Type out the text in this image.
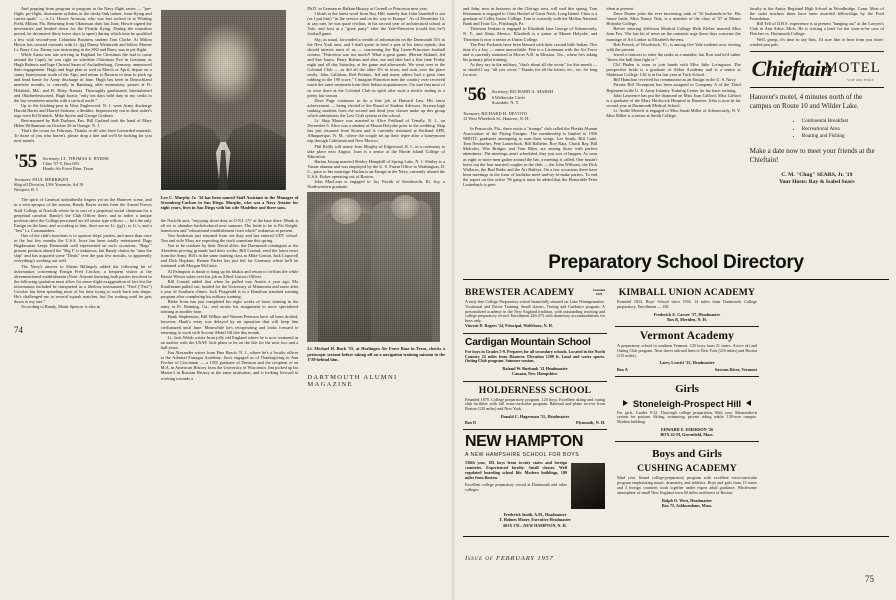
And popping from program to program in the Navy flight series — "pre-flight, pri-flight, instrument syllabus in the stinky-link trainer, form-flying and carrier-quals" — is Lt. Howie Aronson, who was last socked in at Whiting Field, Milton, Fla. Returning from Okinawan duty last June, Howie signed the necessaries and headed down for the Florida flying. During the transition period, he decimated thirty leave days (a spree) during which time he qualified a few with second-year Columbia Business student Tom Clarke. At Milton Howie has crossed contrails with Lt. (jg) Danny Weintraub and fellow Marine Lt. Barry Cox. Danny was instructing in the SNJ and Barry was in pri-flight.

While Santa was late arriving in England for Christmas (he had to come around the Cape), he was right on schedule Christmas Eve in Germany as Hugh Roberts and Inge Christal Sauer of Aschaffenburg, Germany, announced their engagement. Hugh and Inge plan to wed in March or April, depart on a sunny honeymoon south of the Alps, and return to Bavaria in time to pack up and head home for Army discharge in June. Hugh has been in Deutschland nineteen months, is currently in Bamburg after momentary pauses at Ft. Holabird, Md., and Ft. Riley, Kansas. Thoroughly gasthaused, bierstubened and Oktoberfestooned, Hugh boasts "only ten days held duty to my credit in the last seventeen months with a tactical outfit."

Up to the hitching-post in West Englewood, N. J. went Army discharge Harold Harris and Harriet Sarbone, a Smithie. Impressively out in their usher's togs were Ed Winnick, Mike Spicer and George Graborn.

Best-manned by Bob Durham, Ens. Bill Garland took the hand of Mary Helen Williamson on October 26 in Orange, N. J.

That's the count for February. Thanks to all who have forwarded material. To those of you who haven't, please drop a line and we'll be looking for you next month.

'55 Secretary, LT. THOMAS E. BYRNE
Class '57-T, Box 693
Hondo Air Force Base, Texas
Treasurer, PAUL MERRIKEN
Ship off Division, USS Yosemite, Ad 19
Newport, R. I.

The spirit of Carnival undoubtedly lingers yet on the Hanover scene, and in a vein apropos of the season, Randy Hayes writes from the Armed Forces Staff College at Norfolk where he is sort of a perpetual social chairman for a perpetual carnival. Randy's the Club Officer there, and in rather a unique position since the College personnel are all senior type officers — he's the only Ensign on the base, and according to him, there are no Lt. (jg)'s, or Lt.'s, and a "few" Lt. Commanders.

One of the club's functions is to sponsor ships' parties, and more than once in the last few months the U.S.S. Iowa has been totally entertained. Bags Bagdasarian keeps Dartmouth well represented on such occasions. "Bags'" present position aboard the "Big I" is unknown, but Randy claims he "runs the ship" and has acquired some "Deals" over the past few months, so apparently everything's working out well.

The Navy's answer to Sherm Billingsly added the following bit of information concerning Ensign Fred Crocker, a frequent visitor at the aforementioned establishment (Note: Anyone knowing both parties involved in the following quotation must allow for some slight exaggeration of fact lest the information included be interpreted as a libelous insinuation): "Fred ("Fats") Crocker has been spending most of his time trying to work back into shape. He's challenged me to several squash matches, but I'm waiting until he gets down to my size."

According to Randy, Monk Spencer is also in

74
Leo C. Murphy Jr. '34 has been named Staff Assistant to the Manager of Stromberg-Carlson in San Diego. Murphy, who was a Navy Aviator for eight years, lives in San Diego with his wife Madeline and three sons.

the Norfolk area, "enjoying shore duty in O.N.I. (?)" at the base there. Monk is all set to abandon bachelorhood next summer. The bride to be is Pat Knight, hometown and "educational establishment from which" unknown at present.

Tim Anderson just returned from sea duty and has entered UDT school. Tim and wife Mary are expecting the stork sometime this spring.

Not to be outdone by their Naval allies, the Dartmouth contingent at the Aberdeen proving grounds had their scribe, Bill Conrad, send the latest news from the Army. Bill's in the same training class as Mike Gorton, Jack Cogswell and Dick Hopkins. Bennie Parker has just left for Germany where he'll be stationed with Morgan McGuire.

Al Palmquist is about to hang up his khakis and return to civilian life while Howie Wieser takes over his job as Allied Liaison Officer.

Bill Conrad added that when he pulled into Austin a year ago, Mo Kauffmann pulled out; headed for the University of Minnesota and snow after a year of Southern climes. Jack Fitzgerald is in a Hamilton standard training program after completing his military training.

Blake Irons has just completed his eight weeks of basic training in the army at Ft. Benning, Ga., and awaits his assignment to more specialized training at another base.

Hank Stephenson, Bill Wilbur and Warren Peterson have all been drafted, however. Hank's entry was delayed by an operation that will keep him civilianized until June. Meanwhile he's recuperating and looks forward to returning to work with Socony Mobil Oil late this month.

Lt. Jack Welsh writes from jolly old England where he is now stationed as an auditor with the USAF. Jack plans to be on the Isle for the next two and a half years.

Jim Alexander writes from Pine Beach, N. J., where he's a faculty officer at the Admiral Farragut Academy. Jim's engaged as of Thanksgiving to Ann Fischer of Cincinnati — a 1955 graduate of Denison and the recipient of an M.A. in American History from the University of Wisconsin. Jim picked up his Master's in Russian History at the same institution, and is looking forward to working towards a

Ph.D. in German or Balkan History at Cornell or Princeton next year.

I blush at the latest word from Roy Hill, namely that John Stonehill is not (as I put him) "in the service and on his way to Europe." As of December 12, at any rate, he was quite civilian, in his second year of architectural school at Yale, and host at a "great party" after the Yale-Princeton (could this be?) football game.

Sky, as usual, forwarded a wealth of information on the Dartmouth 55's in the New York area, and I shall quote in brief a part of his latest epistle, that should interest most of us — concerning the Big Green-Princeton football contest, "Princeton was too much!! What a great game. (Bernie Siskind, Jed and Sue Isaacs, Barry Rubins and date, me and date had a fine time Friday night and all day Saturday, at the game and afterwards. We went over to the Colonial Club — as did all the other D's in town, and took over the place easily. John Callahan, Red Perkins, Jed and many others had a great time rubbing in the 190 score." I imagine Princeton men the country over received much the same treatment from their Indian acquaintances. I'm sure that most of us were there at the Colonial Club in spirit after such a terrific ending to a pretty fair season.

Dave Page continues to do a fine job at Harvard Law. His latest achievement — being elected to the Board of Student Advisors. Sixteen high ranking students from the second and third year classes make up this group which administers the Law Club system at the school.

Lt. Skip Moore was married to Alice Fridlund of Tenafly, N. J., on December 6. Alice was a student at Mount Holyoke prior to the wedding. Skip has just returned from Korea and is currently stationed at Kirtland AFB, Albuquerque, N. M., where the couple set up their tepee after a honeymoon trip through California and New Mexico.

Phil Reilly will marry Joan Murphy of Edgewood, R. I., in a ceremony to take place next August. Joan is a senior at the Rhode Island College of Education.

Harlan Jessup married Shirley Hemphill of Spring Lake, N. J. Shirley is a Vassar alumna and was employed by the U. S. Patent Office in Washington, D. C., prior to her marriage. Harlan is an Ensign in the Navy, currently aboard the U.S.S. Fisker operating out of Boston.

John MacLean is engaged to Joy Paviik of Kenilworth, Ill. Joy, a Northwestern graduate,

Lt. Michael H. Buck '55, at Harlingen Air Force Base in Texas, checks a periscopic sextant before taking off on a navigation training mission in the T-29 behind him.
DARTMOUTH ALUMNI MAGAZINE

and John, now in business in the Chicago area, will wed this spring. Tom Kinnamon is engaged to Chris Huchel of Great Neck, Long Island. Chris is a graduate of Colby Junior College. Tom is currently with the Mellon National Bank and Trust Co., Pittsburgh, Pa.

Thornton Jenkins is engaged to Elizabeth Jane George of Schenectady, N. Y., and Alma, Mexico. Elizabeth is a junior at Mount Holyoke, and Thornton is now a senior at Union College.

The Pete Packards have been blessed with their second little Indian. This time it's a boy — name unavailable. Pete is a Lieutenant with the Air Force and is currently stationed at Moore A.B. in Mission, Tex., where he's taking his primary pilot training.

As they say in the military, "that's about all she wrote" for this month — or should I say "all you wrote." Thanks for all the letters, etc., etc. So long for now.

'56 Secretary, RICHARD A. MARSH
6 Walbrooke Circle
Scarsdale, N. Y.
Treasurer, RICHARD H. DEVOTO
12 West Wheelock St., Hanover, N. H.

In Pensacola, Fla., there exists a "strange" club called the Florida Alumni Association of the Flying Ensigns. The membership is limited to 1956 NROTC graduates attempting to earn their wings. Lee Smith, Bill Crate, Tom Neubacher, Pete Lauterbach, Bill Balliette, Rov Raja, Chuck Ray, Bill Malcolm, Win Bridges and Tom Riker are among those with perfect attendance. The meetings aren't scheduled, they just sort of happen. As soon as eight or more men gather around the bar, a meeting is called. One mustn't leave out the four married couples in the club — the John Willsons, the Dick Wallaces, the Bud Roths and the Art Baileys. On a few occasions there have been meetings in the form of bachelor meet-and-try-to-make parties. To end the report on this active '56 gang it must be added that the Honorable Peter Lauterbach is pres-

ident at present.

Dave Duane joins the ever increasing rank of '56 husbands-to-be. His future bride, Miss Nancy Tink, is a member of the class of '57 at Mount Holyoke College.

Before entering Jefferson Medical College Herb Kleber married Miss Joan Fox. The last bit of news on the romantic urge these days concerns the marriage of Art Lonker to Elizabeth Stevens.

Bob French, of Woodstock, Vt., is among five Yale students now serving with the present

ferred a contract to enter the ranks as a matador, but Ron said he'd rather "throw the bull than fight it."

Clif Phalen is soon to join hands with Miss Julie Livingston. The prospective bride is a graduate of Abbot Academy and is a senior at Skidmore College. Clif is in his last year at Tuck School.

Bill Hamilton received his commission as an Ensign in the U. S. Navy.

Private Bill Thompson has been assigned to Company A of the Third Regiment in the U. S. Army Infantry Training Center for his basic training.

John Lawrence has put the diamond on Miss Joan Gifford. Miss Gifford is a graduate of the Mary Hitchcock Hospital in Hanover. John is now in his second year at Dartmouth Medical School.

Lt. Andie Mertels is engaged to Miss Sarah Miller of Schenectady, N. Y. Miss Miller is a senior at Smith College.

faculty at the Amity Regional High School in Woodbridge, Conn. Most of the cadet teachers there have been awarded fellowships by the Ford Foundation.

Bill Tell of D.B.S. experience is at present "hanging out" at the Lawyer's Club in Ann Arbor, Mich. He is writing a brief for the soon-to-be case of Fletcher vs. Dartmouth College.

Well, group, it's time to say finis. I'd sure like to hear from you short-winded pen pals.

Chieftain
MOTEL
STOP AND ENJOY
Hanover's motel, 4 minutes north of the campus on Route 10 and Wilder Lake.
• Continental Breakfast
• Recreational Area
• Boating and Fishing
Make a date now to meet your friends at the Chieftain!
C. M. "Chug" SEARS, Jr. '19
Your Hosts: Ray & Isabel Sears
Preparatory School Directory
Founded
1820
BREWSTER ACADEMY
A truly fine College Preparatory school beautifully situated on Lake Winnipesaukee. Vocational and Driver Training. Small classes, Testing and Guidance program. A personalized academy in the New England tradition, with outstanding teaching and college preparatory record. Enrollment 226-275 with dormitory accommodations for boys only.
Vincent D. Rogers '24, Principal, Wolfeboro, N. H.
Cardigan Mountain School
For boys in Grades 5-9. Prepares for all secondary schools. Located in the North Country 22 miles from Hanover. Elevation 1200 ft. Land and water sports. Outing Club program. Summer session.
Roland W. Burbank '21 Headmaster
Canaan, New Hampshire.
HOLDERNESS SCHOOL
Founded 1879. College preparatory program. 120 boys. Excellent skiing and outing club facilities with full extra-curricular program. Railroad and plane service from Boston (120 miles) and New York.
Donald C. Hagerman '35, Headmaster
Box D	Plymouth, N. H.
NEW HAMPTON
A NEW HAMPSHIRE SCHOOL FOR BOYS
136th year, 182 boys from twenty states and foreign countries. Experienced faculty. Small classes. Well regulated boarding school life. Modern buildings, 100 miles from Boston.
Excellent college preparatory record at Dartmouth and other colleges.
Frederick Smith, A.M., Headmaster
T. Holmes Moore, Executive Headmaster
BOX 170—NEW HAMPTON, N. H.
KIMBALL UNION ACADEMY
Founded 1813. Boys' School since 1936. 14 miles from Dartmouth. College preparatory. Enrollment — 150.
Frederick E. Carver '37, Headmaster
Box B, Meriden, N. H.
Vermont Academy
A preparatory school in southern Vermont. 125 boys from 21 states. Active ski and Outing Club program. Near direct railroad lines to New York (216 miles) and Boston (115 miles).
Larry Leavitt '25, Headmaster
Box A	Saxtons River, Vermont
Girls
Stoneleigh-Prospect Hill
For girls. Grades 9-12. Thorough college preparation, 86th year. Mensendieck system for posture. Skiing, swimming, private riding stable. 130-acre campus. Modern building.
EDWARD E. EMERSON '26
BOX 42-M, Greenfield, Mass.
Boys and Girls
CUSHING ACADEMY
92nd year. Sound college-preparatory program with excellent extra-curricular program emphasizing music, dramatics, and athletics. Boys and girls from 13 states and 3 foreign countries work together under expert adult guidance. Wholesome atmosphere of small New England town 60 miles northwest of Boston.
Ralph O. West, Headmaster
Box 75, Ashburnham, Mass.
Issue of FEBRUARY 1957
75
